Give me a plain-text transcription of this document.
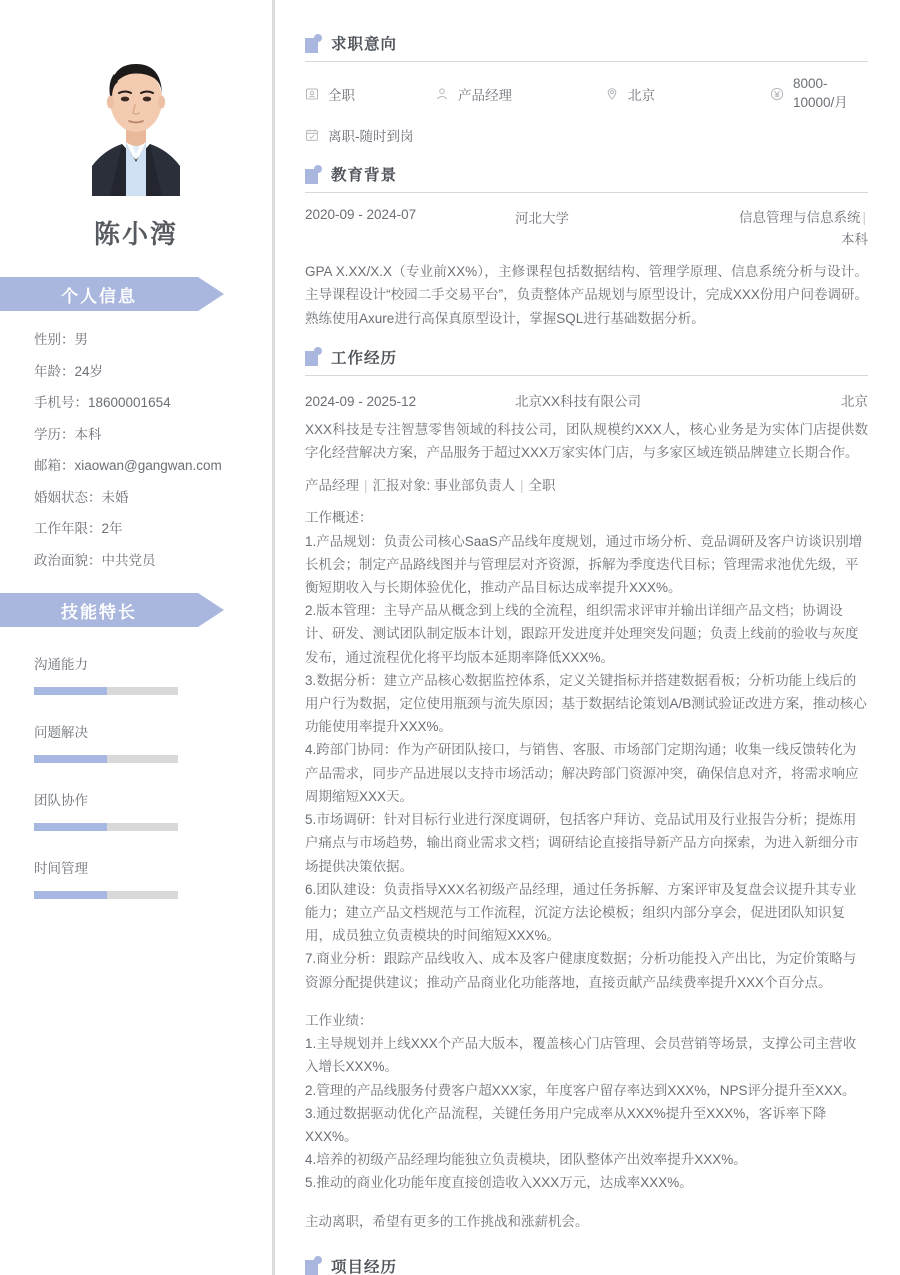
陈小湾
个人信息
性别：男
年龄：24岁
手机号：18600001654
学历：本科
邮箱：xiaowan@gangwan.com
婚姻状态：未婚
工作年限：2年
政治面貌：中共党员
技能特长
沟通能力
问题解决
团队协作
时间管理
求职意向
全职	产品经理	北京
8000-10000/月
离职-随时到岗
教育背景
2020-09 - 2024-07	河北大学	信息管理与信息系统 |
本科
GPA X.XX/X.X（专业前XX%），主修课程包括数据结构、管理学原理、信息系统分析与设计。主导课程设计“校园二手交易平台”，负责整体产品规划与原型设计，完成XXX份用户问卷调研。熟练使用Axure进行高保真原型设计，掌握SQL进行基础数据分析。
工作经历
2024-09 - 2025-12	北京XX科技有限公司	北京
XXX科技是专注智慧零售领域的科技公司，团队规模约XXX人，核心业务是为实体门店提供数字化经营解决方案，产品服务于超过XXX万家实体门店，与多家区域连锁品牌建立长期合作。
产品经理 | 汇报对象: 事业部负责人 | 全职
工作概述：
1.产品规划：负责公司核心SaaS产品线年度规划，通过市场分析、竞品调研及客户访谈识别增长机会；制定产品路线图并与管理层对齐资源，拆解为季度迭代目标；管理需求池优先级，平衡短期收入与长期体验优化，推动产品目标达成率提升XXX%。
2.版本管理：主导产品从概念到上线的全流程，组织需求评审并输出详细产品文档；协调设计、研发、测试团队制定版本计划，跟踪开发进度并处理突发问题；负责上线前的验收与灰度发布，通过流程优化将平均版本延期率降低XXX%。
3.数据分析：建立产品核心数据监控体系，定义关键指标并搭建数据看板；分析功能上线后的用户行为数据，定位使用瓶颈与流失原因；基于数据结论策划A/B测试验证改进方案，推动核心功能使用率提升XXX%。
4.跨部门协同：作为产研团队接口，与销售、客服、市场部门定期沟通；收集一线反馈转化为产品需求，同步产品进展以支持市场活动；解决跨部门资源冲突，确保信息对齐，将需求响应周期缩短XXX天。
5.市场调研：针对目标行业进行深度调研，包括客户拜访、竞品试用及行业报告分析；提炼用户痛点与市场趋势，输出商业需求文档；调研结论直接指导新产品方向探索，为进入新细分市场提供决策依据。
6.团队建设：负责指导XXX名初级产品经理，通过任务拆解、方案评审及复盘会议提升其专业能力；建立产品文档规范与工作流程，沉淀方法论模板；组织内部分享会，促进团队知识复用，成员独立负责模块的时间缩短XXX%。
7.商业分析：跟踪产品线收入、成本及客户健康度数据；分析功能投入产出比，为定价策略与资源分配提供建议；推动产品商业化功能落地，直接贡献产品续费率提升XXX个百分点。
工作业绩：
1.主导规划并上线XXX个产品大版本，覆盖核心门店管理、会员营销等场景，支撑公司主营收入增长XXX%。
2.管理的产品线服务付费客户超XXX家，年度客户留存率达到XXX%，NPS评分提升至XXX。
3.通过数据驱动优化产品流程，关键任务用户完成率从XXX%提升至XXX%，客诉率下降XXX%。
4.培养的初级产品经理均能独立负责模块，团队整体产出效率提升XXX%。
5.推动的商业化功能年度直接创造收入XXX万元，达成率XXX%。
主动离职，希望有更多的工作挑战和涨薪机会。
项目经历
